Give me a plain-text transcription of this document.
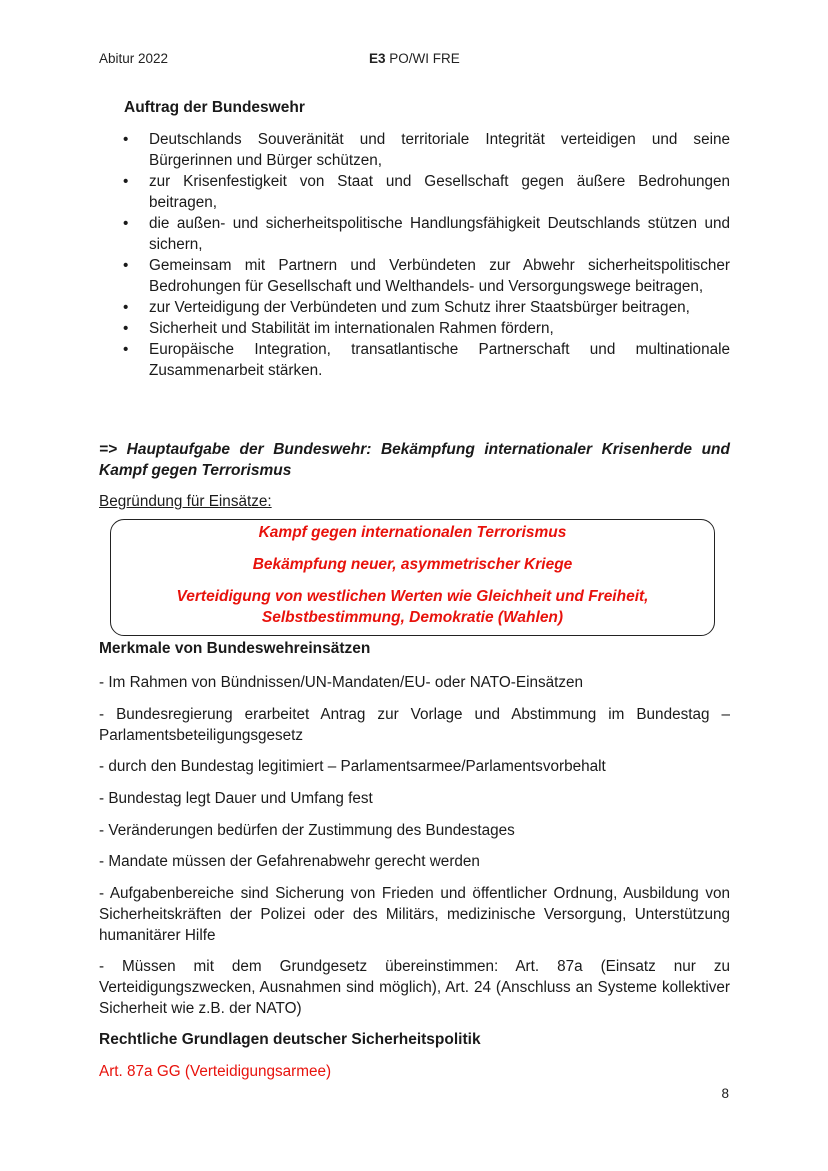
Abitur 2022	E3 PO/WI FRE
Auftrag der Bundeswehr
• Deutschlands Souveränität und territoriale Integrität verteidigen und seine Bürgerinnen und Bürger schützen,
• zur Krisenfestigkeit von Staat und Gesellschaft gegen äußere Bedrohungen beitragen,
• die außen- und sicherheitspolitische Handlungsfähigkeit Deutschlands stützen und sichern,
• Gemeinsam mit Partnern und Verbündeten zur Abwehr sicherheitspolitischer Bedrohungen für Gesellschaft und Welthandels- und Versorgungswege beitragen,
• zur Verteidigung der Verbündeten und zum Schutz ihrer Staatsbürger beitragen,
• Sicherheit und Stabilität im internationalen Rahmen fördern,
• Europäische Integration, transatlantische Partnerschaft und multinationale Zusammenarbeit stärken.
=> Hauptaufgabe der Bundeswehr: Bekämpfung internationaler Krisenherde und Kampf gegen Terrorismus
Begründung für Einsätze:
Kampf gegen internationalen Terrorismus
Bekämpfung neuer, asymmetrischer Kriege
Verteidigung von westlichen Werten wie Gleichheit und Freiheit,
Selbstbestimmung, Demokratie (Wahlen)
Merkmale von Bundeswehreinsätzen
- Im Rahmen von Bündnissen/UN-Mandaten/EU- oder NATO-Einsätzen
- Bundesregierung erarbeitet Antrag zur Vorlage und Abstimmung im Bundestag – Parlamentsbeteiligungsgesetz
- durch den Bundestag legitimiert – Parlamentsarmee/Parlamentsvorbehalt
- Bundestag legt Dauer und Umfang fest
- Veränderungen bedürfen der Zustimmung des Bundestages
- Mandate müssen der Gefahrenabwehr gerecht werden
- Aufgabenbereiche sind Sicherung von Frieden und öffentlicher Ordnung, Ausbildung von Sicherheitskräften der Polizei oder des Militärs, medizinische Versorgung, Unterstützung humanitärer Hilfe
- Müssen mit dem Grundgesetz übereinstimmen: Art. 87a (Einsatz nur zu Verteidigungszwecken, Ausnahmen sind möglich), Art. 24 (Anschluss an Systeme kollektiver Sicherheit wie z.B. der NATO)
Rechtliche Grundlagen deutscher Sicherheitspolitik
Art. 87a GG (Verteidigungsarmee)
8
